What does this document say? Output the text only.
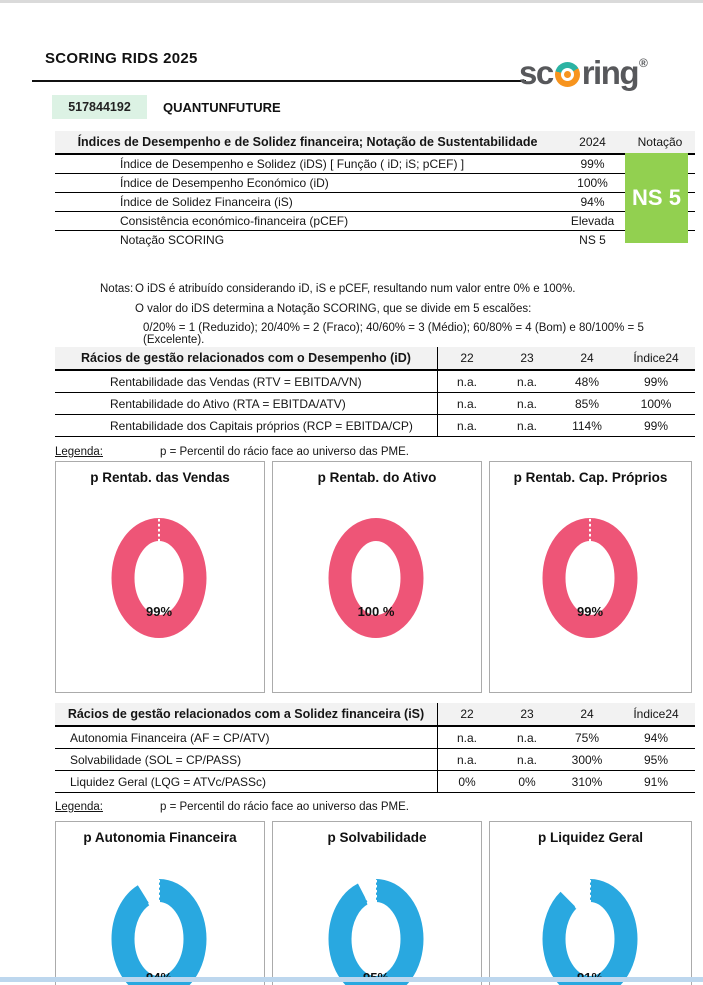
SCORING RIDS 2025	sc ring ®
517844192	QUANTUNFUTURE
Índices de Desempenho e de Solidez financeira; Notação de Sustentabilidade	2024	Notação
Índice de Desempenho e Solidez (iDS) [ Função ( iD; iS; pCEF) ]	99%
Índice de Desempenho Económico (iD)	100%
Índice de Solidez Financeira (iS)	94%
Consistência económico-financeira (pCEF)	Elevada
Notação SCORING	NS 5
NS 5
Notas: O iDS é atribuído considerando iD, iS e pCEF, resultando num valor entre 0% e 100%.
O valor do iDS determina a Notação SCORING, que se divide em 5 escalões:
0/20% = 1 (Reduzido); 20/40% = 2 (Fraco); 40/60% = 3 (Médio); 60/80% = 4 (Bom) e 80/100% = 5 (Excelente).
Rácios de gestão relacionados com o Desempenho (iD)	22	23	24	Índice24
Rentabilidade das Vendas (RTV = EBITDA/VN)	n.a.	n.a.	48%	99%
Rentabilidade do Ativo (RTA = EBITDA/ATV)	n.a.	n.a.	85%	100%
Rentabilidade dos Capitais próprios (RCP = EBITDA/CP)	n.a.	n.a.	114%	99%
Legenda:	p = Percentil do rácio face ao universo das PME.
p Rentab. das Vendas
99%
p Rentab. do Ativo
100 %
p Rentab. Cap. Próprios
99%
Rácios de gestão relacionados com a Solidez financeira (iS)	22	23	24	Índice24
Autonomia Financeira (AF = CP/ATV)	n.a.	n.a.	75%	94%
Solvabilidade (SOL = CP/PASS)	n.a.	n.a.	300%	95%
Liquidez Geral (LQG = ATVc/PASSc)	0%	0%	310%	91%
Legenda:	p = Percentil do rácio face ao universo das PME.
p Autonomia Financeira	p Solvabilidade	p Liquidez Geral
